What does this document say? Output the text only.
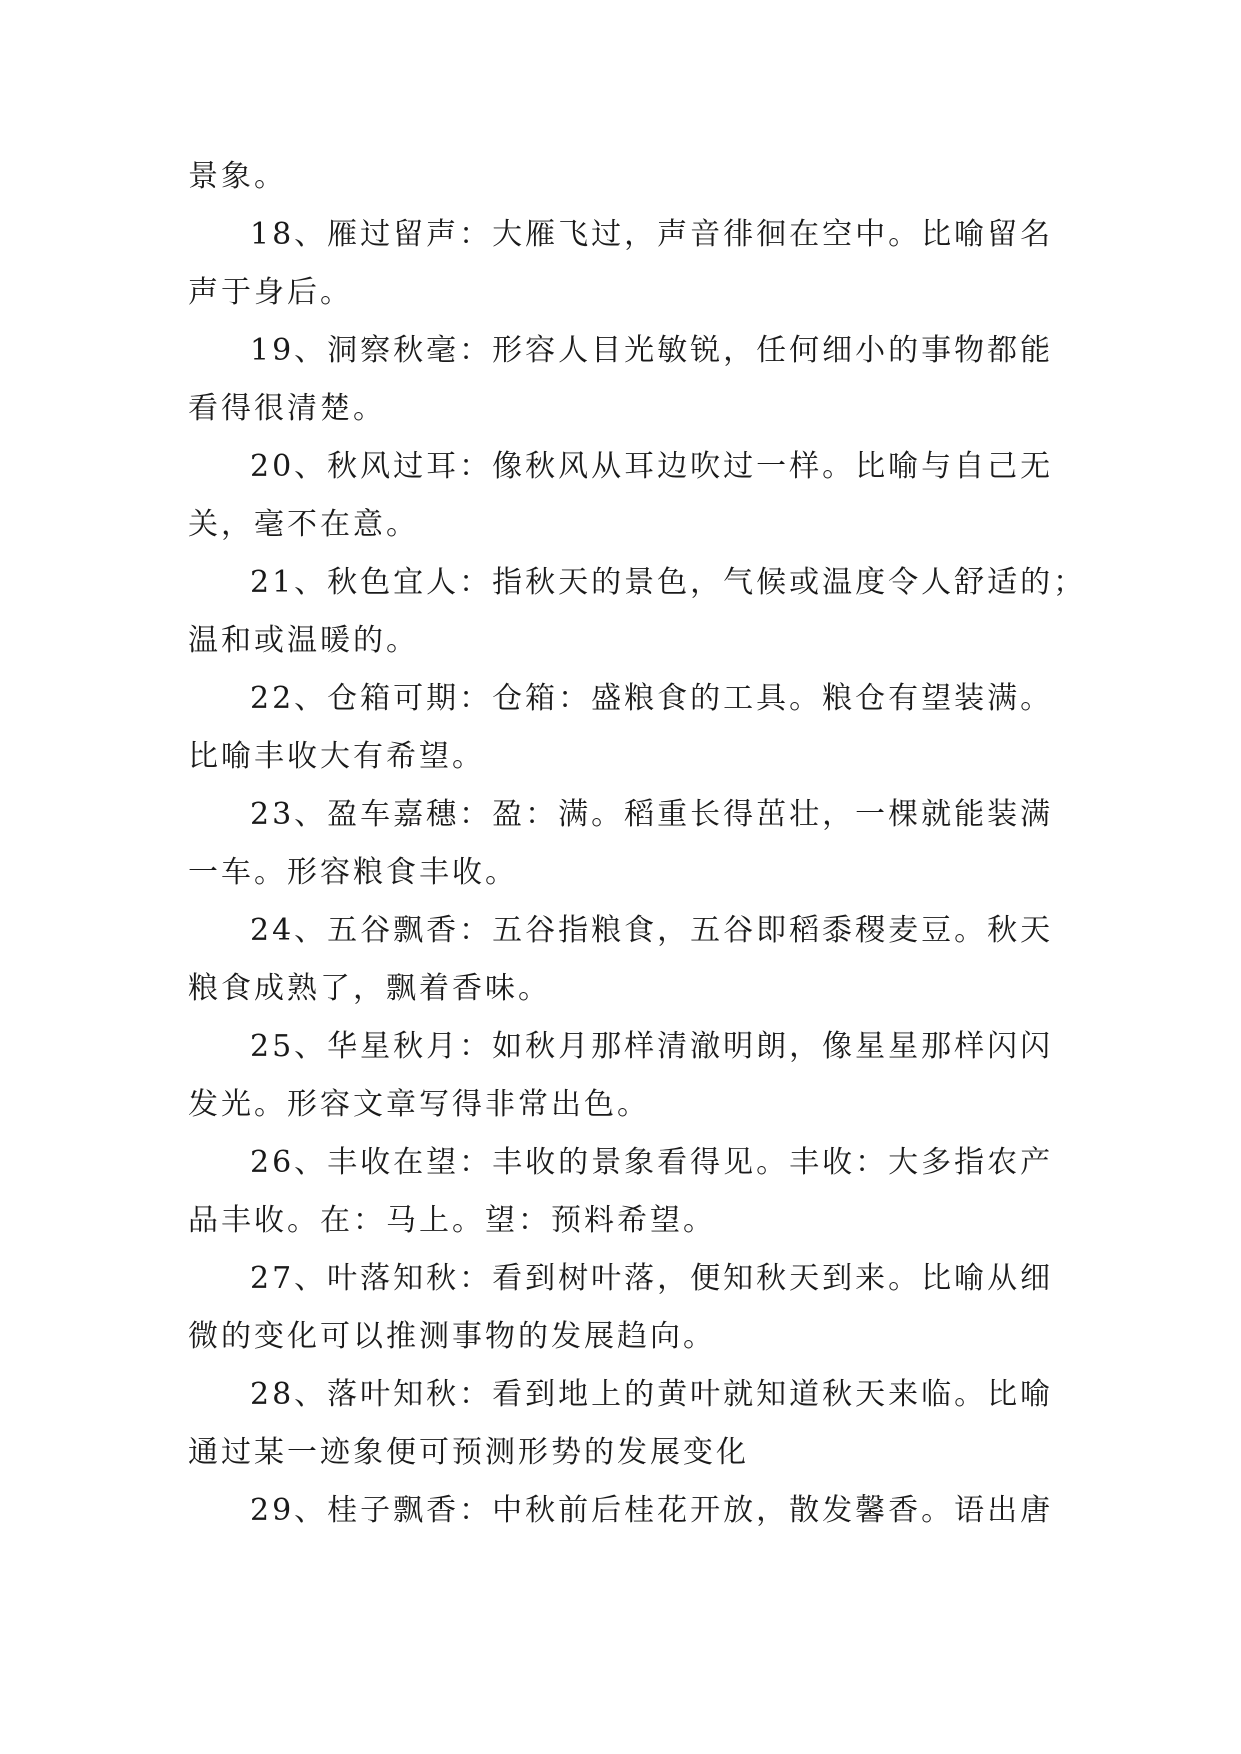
景象。
18、雁过留声：大雁飞过，声音徘徊在空中。比喻留名
声于身后。
19、洞察秋毫：形容人目光敏锐，任何细小的事物都能
看得很清楚。
20、秋风过耳：像秋风从耳边吹过一样。比喻与自己无
关，毫不在意。
21、秋色宜人：指秋天的景色，气候或温度令人舒适的；
温和或温暖的。
22、仓箱可期：仓箱：盛粮食的工具。粮仓有望装满。
比喻丰收大有希望。
23、盈车嘉穗：盈：满。稻重长得茁壮，一棵就能装满
一车。形容粮食丰收。
24、五谷飘香：五谷指粮食，五谷即稻黍稷麦豆。秋天
粮食成熟了，飘着香味。
25、华星秋月：如秋月那样清澈明朗，像星星那样闪闪
发光。形容文章写得非常出色。
26、丰收在望：丰收的景象看得见。丰收：大多指农产
品丰收。在：马上。望：预料希望。
27、叶落知秋：看到树叶落，便知秋天到来。比喻从细
微的变化可以推测事物的发展趋向。
28、落叶知秋：看到地上的黄叶就知道秋天来临。比喻
通过某一迹象便可预测形势的发展变化
29、桂子飘香：中秋前后桂花开放，散发馨香。语出唐
